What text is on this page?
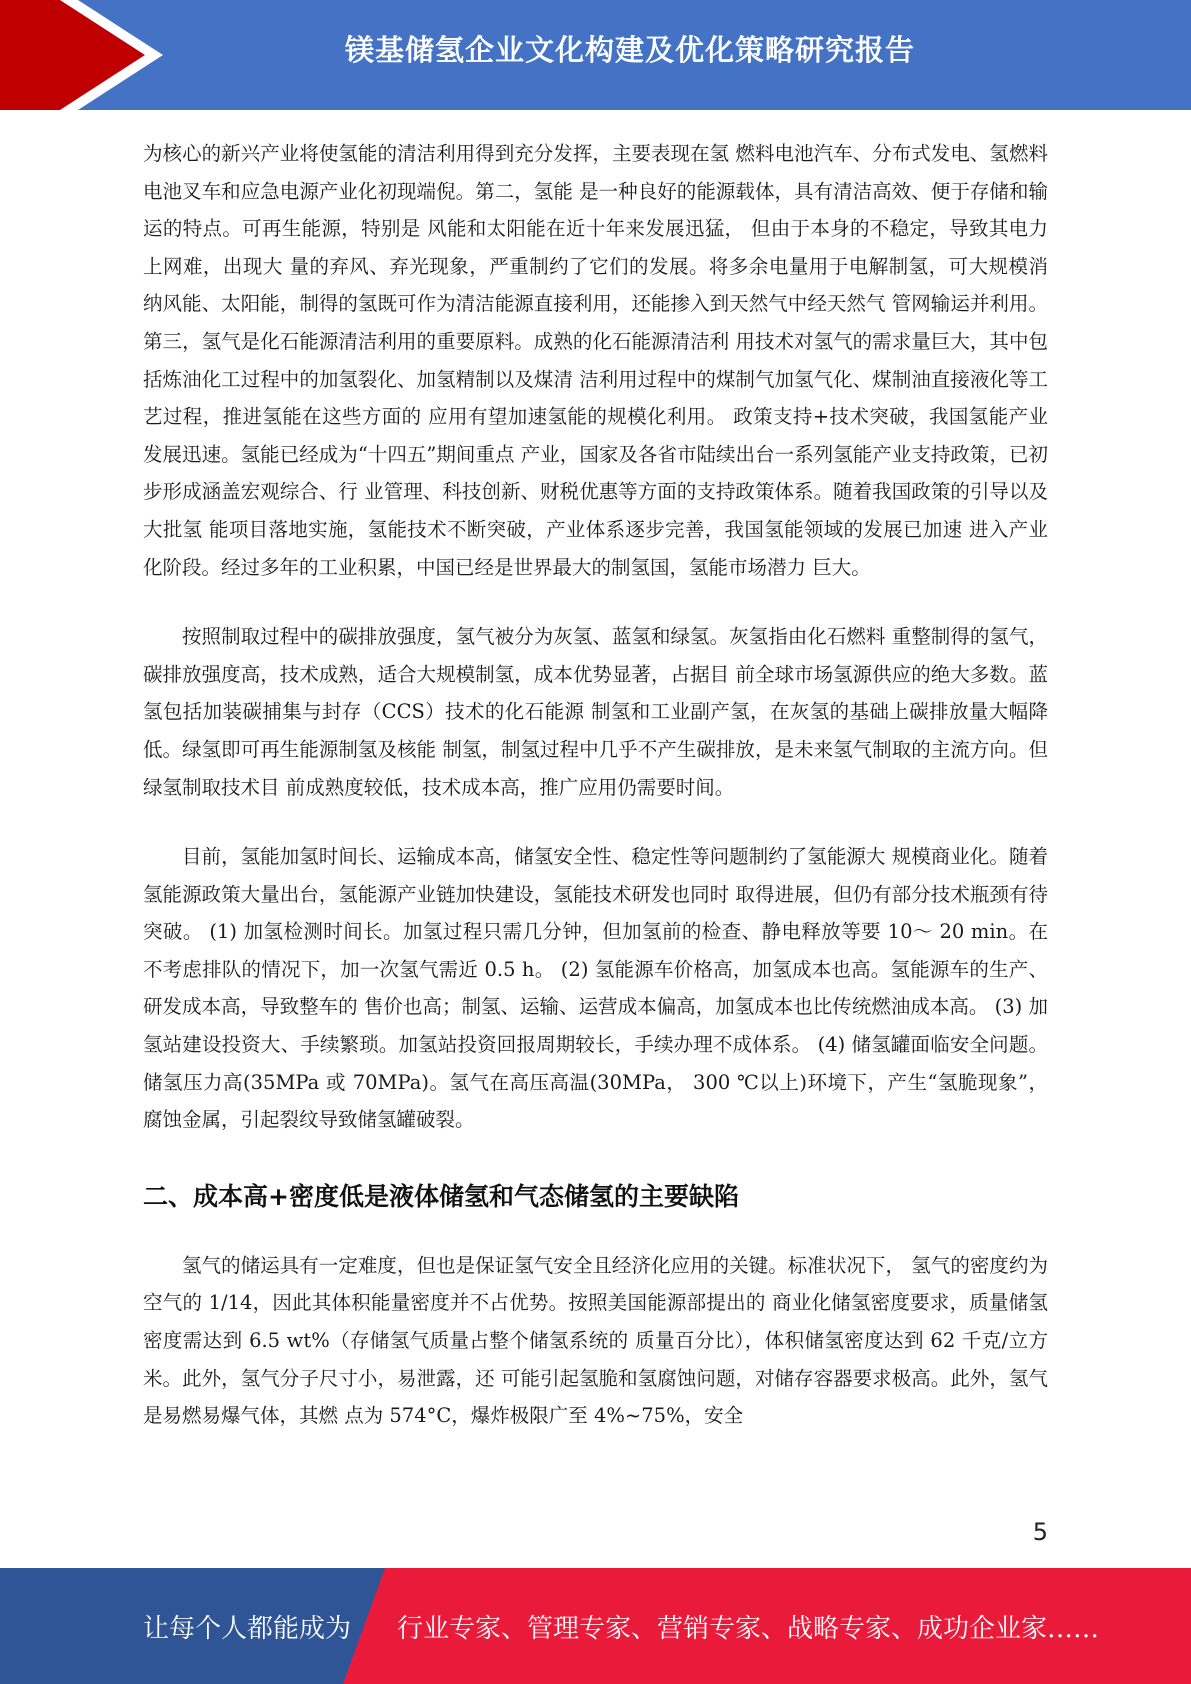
镁基储氢企业文化构建及优化策略研究报告

为核心的新兴产业将使氢能的清洁利用得到充分发挥，主要表现在氢 燃料电池汽车、分布式发电、氢燃料电池叉车和应急电源产业化初现端倪。第二，氢能 是一种良好的能源载体，具有清洁高效、便于存储和输运的特点。可再生能源，特别是 风能和太阳能在近十年来发展迅猛， 但由于本身的不稳定，导致其电力上网难，出现大 量的弃风、弃光现象，严重制约了它们的发展。将多余电量用于电解制氢，可大规模消 纳风能、太阳能，制得的氢既可作为清洁能源直接利用，还能掺入到天然气中经天然气 管网输运并利用。第三，氢气是化石能源清洁利用的重要原料。成熟的化石能源清洁利 用技术对氢气的需求量巨大，其中包括炼油化工过程中的加氢裂化、加氢精制以及煤清 洁利用过程中的煤制气加氢气化、煤制油直接液化等工艺过程，推进氢能在这些方面的 应用有望加速氢能的规模化利用。 政策支持+技术突破，我国氢能产业发展迅速。氢能已经成为“十四五”期间重点 产业，国家及各省市陆续出台一系列氢能产业支持政策，已初步形成涵盖宏观综合、行 业管理、科技创新、财税优惠等方面的支持政策体系。随着我国政策的引导以及大批氢 能项目落地实施，氢能技术不断突破，产业体系逐步完善，我国氢能领域的发展已加速 进入产业化阶段。经过多年的工业积累，中国已经是世界最大的制氢国，氢能市场潜力 巨大。

按照制取过程中的碳排放强度，氢气被分为灰氢、蓝氢和绿氢。灰氢指由化石燃料 重整制得的氢气，碳排放强度高，技术成熟，适合大规模制氢，成本优势显著，占据目 前全球市场氢源供应的绝大多数。蓝氢包括加装碳捕集与封存（CCS）技术的化石能源 制氢和工业副产氢，在灰氢的基础上碳排放量大幅降低。绿氢即可再生能源制氢及核能 制氢，制氢过程中几乎不产生碳排放，是未来氢气制取的主流方向。但绿氢制取技术目 前成熟度较低，技术成本高，推广应用仍需要时间。

目前，氢能加氢时间长、运输成本高，储氢安全性、稳定性等问题制约了氢能源大 规模商业化。随着氢能源政策大量出台，氢能源产业链加快建设，氢能技术研发也同时 取得进展，但仍有部分技术瓶颈有待突破。 (1) 加氢检测时间长。加氢过程只需几分钟，但加氢前的检查、静电释放等要 10～ 20 min。在不考虑排队的情况下，加一次氢气需近 0.5 h。 (2) 氢能源车价格高，加氢成本也高。氢能源车的生产、研发成本高，导致整车的 售价也高；制氢、运输、运营成本偏高，加氢成本也比传统燃油成本高。 (3) 加氢站建设投资大、手续繁琐。加氢站投资回报周期较长，手续办理不成体系。 (4) 储氢罐面临安全问题。储氢压力高(35MPa 或 70MPa)。氢气在高压高温(30MPa， 300 ℃以上)环境下，产生“氢脆现象”，腐蚀金属，引起裂纹导致储氢罐破裂。

二、成本高+密度低是液体储氢和气态储氢的主要缺陷

氢气的储运具有一定难度，但也是保证氢气安全且经济化应用的关键。标准状况下， 氢气的密度约为空气的 1/14，因此其体积能量密度并不占优势。按照美国能源部提出的 商业化储氢密度要求，质量储氢密度需达到 6.5 wt%（存储氢气质量占整个储氢系统的 质量百分比），体积储氢密度达到 62 千克/立方米。此外，氢气分子尺寸小，易泄露，还 可能引起氢脆和氢腐蚀问题，对储存容器要求极高。此外，氢气是易燃易爆气体，其燃 点为 574°C，爆炸极限广至 4%~75%，安全

5
让每个人都能成为 行业专家、管理专家、营销专家、战略专家、成功企业家……
